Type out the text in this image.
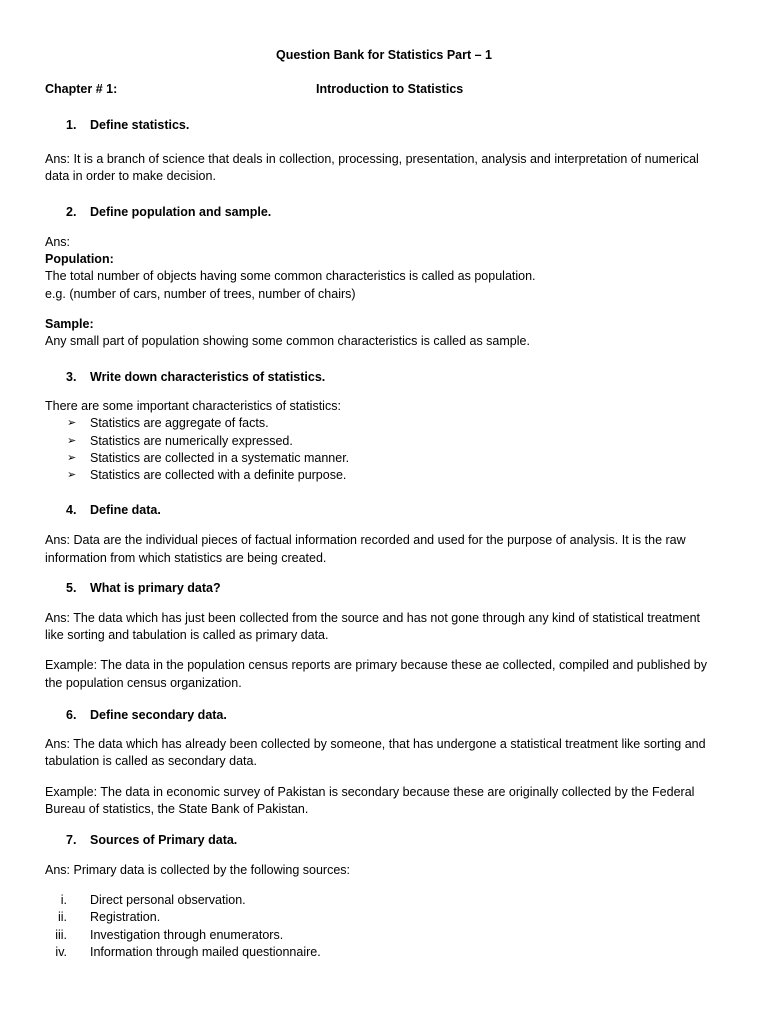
Question Bank for Statistics Part – 1
Chapter # 1:	Introduction to Statistics
1. Define statistics.
Ans: It is a branch of science that deals in collection, processing, presentation, analysis and interpretation of numerical
data in order to make decision.
2. Define population and sample.
Ans:
Population:
The total number of objects having some common characteristics is called as population.
e.g. (number of cars, number of trees, number of chairs)
Sample:
Any small part of population showing some common characteristics is called as sample.
3. Write down characteristics of statistics.
There are some important characteristics of statistics:
➢ Statistics are aggregate of facts.
➢ Statistics are numerically expressed.
➢ Statistics are collected in a systematic manner.
➢ Statistics are collected with a definite purpose.
4. Define data.
Ans: Data are the individual pieces of factual information recorded and used for the purpose of analysis. It is the raw
information from which statistics are being created.
5. What is primary data?
Ans: The data which has just been collected from the source and has not gone through any kind of statistical treatment
like sorting and tabulation is called as primary data.
Example: The data in the population census reports are primary because these ae collected, compiled and published by
the population census organization.
6. Define secondary data.
Ans: The data which has already been collected by someone, that has undergone a statistical treatment like sorting and
tabulation is called as secondary data.
Example: The data in economic survey of Pakistan is secondary because these are originally collected by the Federal
Bureau of statistics, the State Bank of Pakistan.
7. Sources of Primary data.
Ans: Primary data is collected by the following sources:
i. Direct personal observation.
ii. Registration.
iii. Investigation through enumerators.
iv. Information through mailed questionnaire.
